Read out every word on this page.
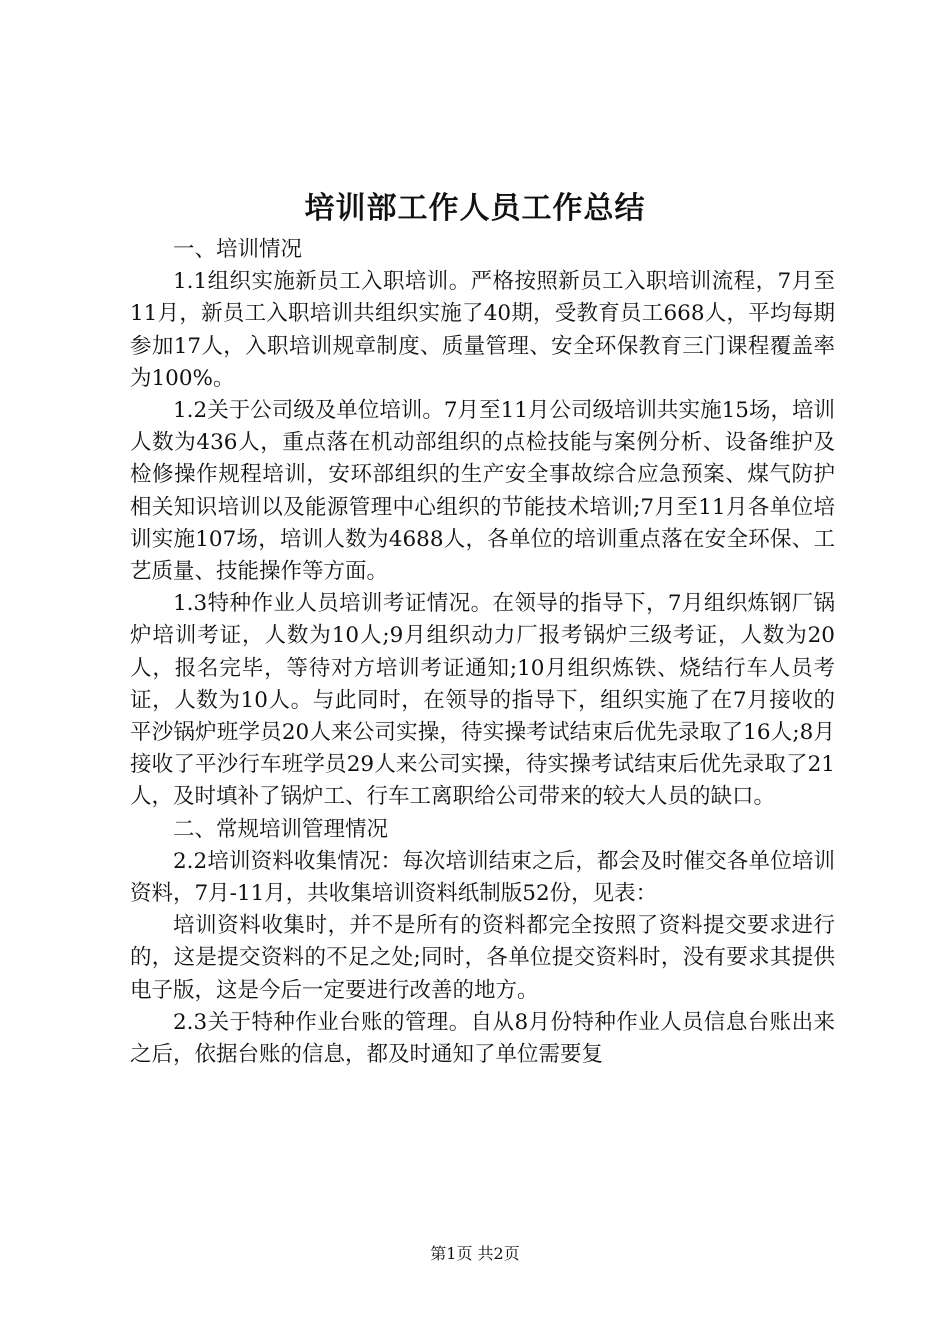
培训部工作人员工作总结

一、培训情况

1.1组织实施新员工入职培训。严格按照新员工入职培训流程，7月至11月，新员工入职培训共组织实施了40期，受教育员工668人，平均每期参加17人，入职培训规章制度、质量管理、安全环保教育三门课程覆盖率为100%。

1.2关于公司级及单位培训。7月至11月公司级培训共实施15场，培训人数为436人，重点落在机动部组织的点检技能与案例分析、设备维护及检修操作规程培训，安环部组织的生产安全事故综合应急预案、煤气防护相关知识培训以及能源管理中心组织的节能技术培训;7月至11月各单位培训实施107场，培训人数为4688人，各单位的培训重点落在安全环保、工艺质量、技能操作等方面。

1.3特种作业人员培训考证情况。在领导的指导下，7月组织炼钢厂锅炉培训考证，人数为10人;9月组织动力厂报考锅炉三级考证，人数为20人，报名完毕，等待对方培训考证通知;10月组织炼铁、烧结行车人员考证，人数为10人。与此同时，在领导的指导下，组织实施了在7月接收的平沙锅炉班学员20人来公司实操，待实操考试结束后优先录取了16人;8月接收了平沙行车班学员29人来公司实操，待实操考试结束后优先录取了21人，及时填补了锅炉工、行车工离职给公司带来的较大人员的缺口。

二、常规培训管理情况

2.2培训资料收集情况：每次培训结束之后，都会及时催交各单位培训资料，7月-11月，共收集培训资料纸制版52份，见表：

培训资料收集时，并不是所有的资料都完全按照了资料提交要求进行的，这是提交资料的不足之处;同时，各单位提交资料时，没有要求其提供电子版，这是今后一定要进行改善的地方。

2.3关于特种作业台账的管理。自从8月份特种作业人员信息台账出来之后，依据台账的信息，都及时通知了单位需要复

第1页 共2页
